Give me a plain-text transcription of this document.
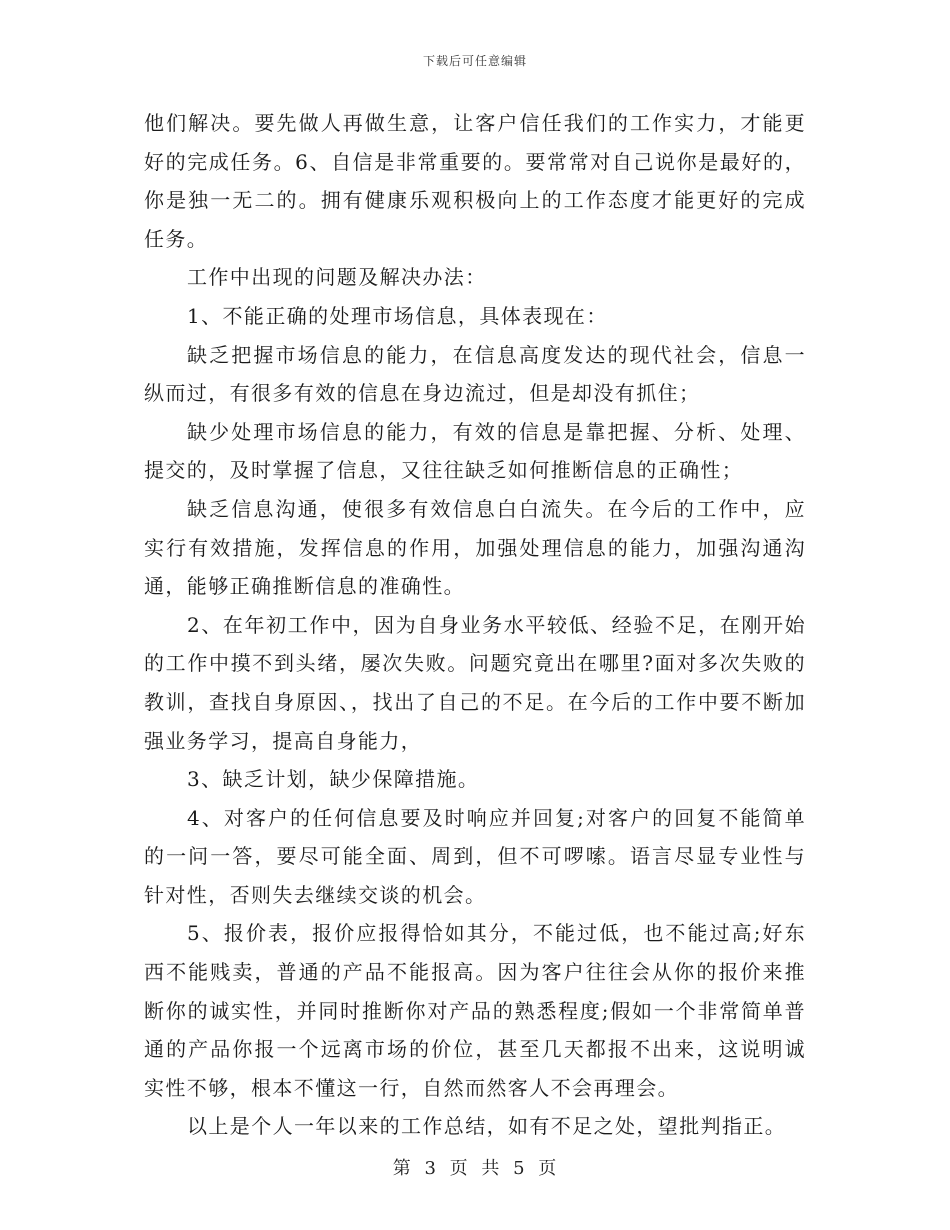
下载后可任意编辑

他们解决。要先做人再做生意，让客户信任我们的工作实力，才能更好的完成任务。6、自信是非常重要的。要常常对自己说你是最好的，你是独一无二的。拥有健康乐观积极向上的工作态度才能更好的完成任务。

工作中出现的问题及解决办法：

1、不能正确的处理市场信息，具体表现在：

缺乏把握市场信息的能力，在信息高度发达的现代社会，信息一纵而过，有很多有效的信息在身边流过，但是却没有抓住；

缺少处理市场信息的能力，有效的信息是靠把握、分析、处理、提交的，及时掌握了信息，又往往缺乏如何推断信息的正确性；

缺乏信息沟通，使很多有效信息白白流失。在今后的工作中，应实行有效措施，发挥信息的作用，加强处理信息的能力，加强沟通沟通，能够正确推断信息的准确性。

2、在年初工作中，因为自身业务水平较低、经验不足，在刚开始的工作中摸不到头绪，屡次失败。问题究竟出在哪里?面对多次失败的教训，查找自身原因、，找出了自己的不足。在今后的工作中要不断加强业务学习，提高自身能力，

3、缺乏计划，缺少保障措施。

4、对客户的任何信息要及时响应并回复;对客户的回复不能简单的一问一答，要尽可能全面、周到，但不可啰嗦。语言尽显专业性与针对性，否则失去继续交谈的机会。

5、报价表，报价应报得恰如其分，不能过低，也不能过高;好东西不能贱卖，普通的产品不能报高。因为客户往往会从你的报价来推断你的诚实性，并同时推断你对产品的熟悉程度;假如一个非常简单普通的产品你报一个远离市场的价位，甚至几天都报不出来，这说明诚实性不够，根本不懂这一行，自然而然客人不会再理会。

以上是个人一年以来的工作总结，如有不足之处，望批判指正。

第 3 页 共 5 页
